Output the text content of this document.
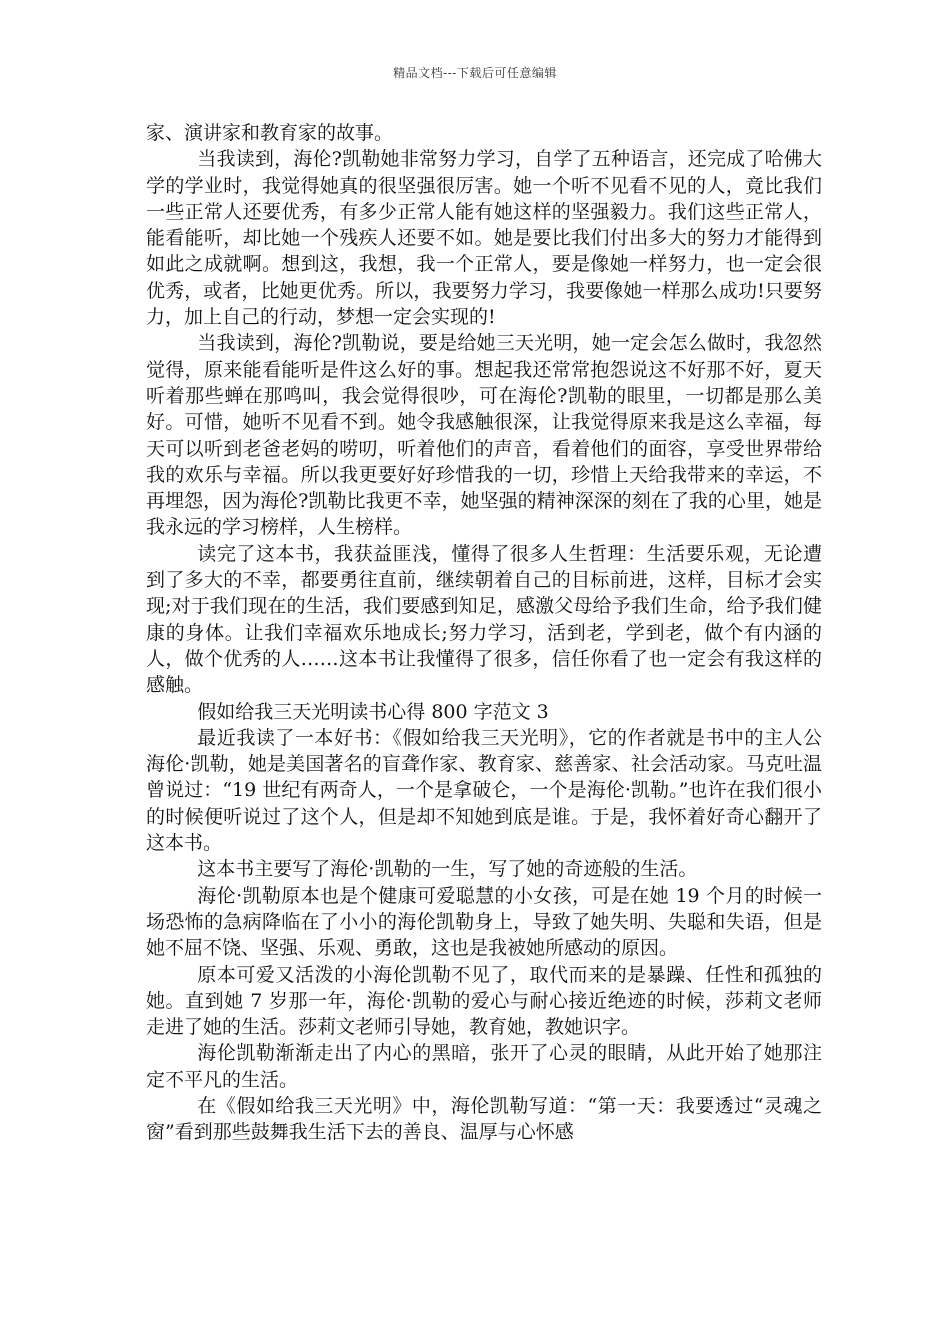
精品文档---下载后可任意编辑

家、演讲家和教育家的故事。

当我读到，海伦?凯勒她非常努力学习，自学了五种语言，还完成了哈佛大学的学业时，我觉得她真的很坚强很厉害。她一个听不见看不见的人，竟比我们一些正常人还要优秀，有多少正常人能有她这样的坚强毅力。我们这些正常人，能看能听，却比她一个残疾人还要不如。她是要比我们付出多大的努力才能得到如此之成就啊。想到这，我想，我一个正常人，要是像她一样努力，也一定会很优秀，或者，比她更优秀。所以，我要努力学习，我要像她一样那么成功!只要努力，加上自己的行动，梦想一定会实现的!

当我读到，海伦?凯勒说，要是给她三天光明，她一定会怎么做时，我忽然觉得，原来能看能听是件这么好的事。想起我还常常抱怨说这不好那不好，夏天听着那些蝉在那鸣叫，我会觉得很吵，可在海伦?凯勒的眼里，一切都是那么美好。可惜，她听不见看不到。她令我感触很深，让我觉得原来我是这么幸福，每天可以听到老爸老妈的唠叨，听着他们的声音，看着他们的面容，享受世界带给我的欢乐与幸福。所以我更要好好珍惜我的一切，珍惜上天给我带来的幸运，不再埋怨，因为海伦?凯勒比我更不幸，她坚强的精神深深的刻在了我的心里，她是我永远的学习榜样，人生榜样。

读完了这本书，我获益匪浅，懂得了很多人生哲理：生活要乐观，无论遭到了多大的不幸，都要勇往直前，继续朝着自己的目标前进，这样，目标才会实现;对于我们现在的生活，我们要感到知足，感激父母给予我们生命，给予我们健康的身体。让我们幸福欢乐地成长;努力学习，活到老，学到老，做个有内涵的人，做个优秀的人……这本书让我懂得了很多，信任你看了也一定会有我这样的感触。

假如给我三天光明读书心得 800 字范文 3

最近我读了一本好书：《假如给我三天光明》，它的作者就是书中的主人公海伦·凯勒，她是美国著名的盲聋作家、教育家、慈善家、社会活动家。马克吐温曾说过：“19 世纪有两奇人，一个是拿破仑，一个是海伦·凯勒。”也许在我们很小的时候便听说过了这个人，但是却不知她到底是谁。于是，我怀着好奇心翻开了这本书。

这本书主要写了海伦·凯勒的一生，写了她的奇迹般的生活。

海伦·凯勒原本也是个健康可爱聪慧的小女孩，可是在她 19 个月的时候一场恐怖的急病降临在了小小的海伦凯勒身上，导致了她失明、失聪和失语，但是她不屈不饶、坚强、乐观、勇敢，这也是我被她所感动的原因。

原本可爱又活泼的小海伦凯勒不见了，取代而来的是暴躁、任性和孤独的她。直到她 7 岁那一年，海伦·凯勒的爱心与耐心接近绝迹的时候，莎莉文老师走进了她的生活。莎莉文老师引导她，教育她，教她识字。

海伦凯勒渐渐走出了内心的黑暗，张开了心灵的眼睛，从此开始了她那注定不平凡的生活。

在《假如给我三天光明》中，海伦凯勒写道：“第一天：我要透过“灵魂之窗”看到那些鼓舞我生活下去的善良、温厚与心怀感
